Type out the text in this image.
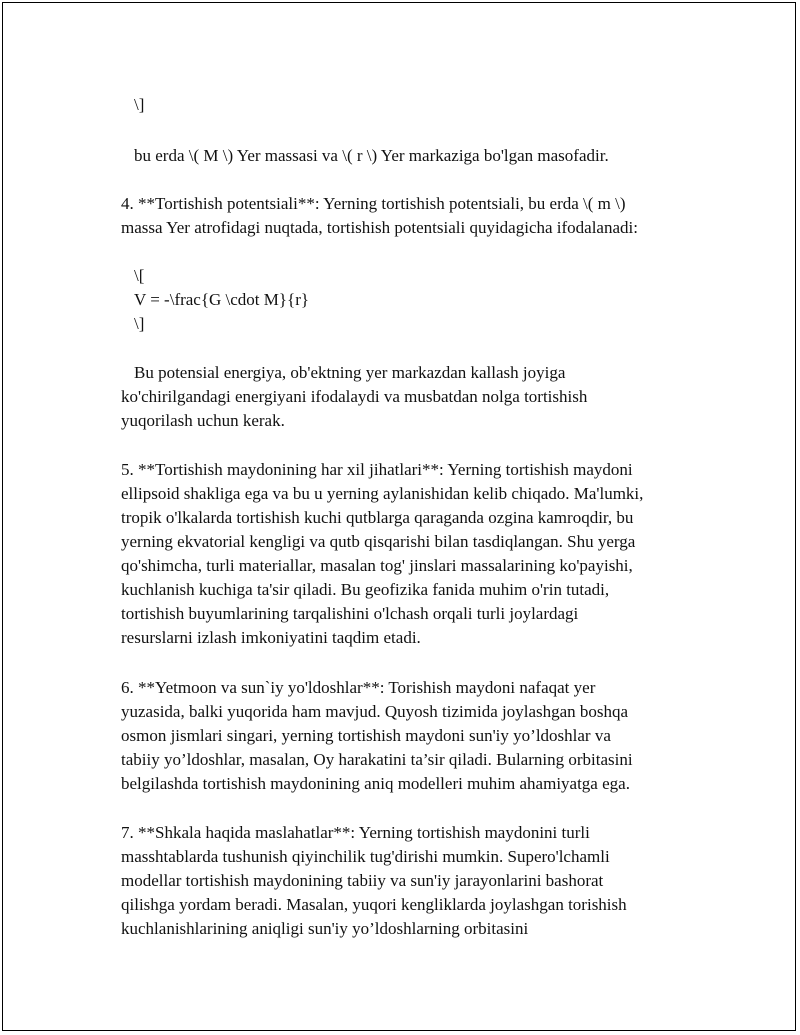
\]
bu erda \( M \) Yer massasi va \( r \) Yer markaziga bo'lgan masofadir.
4. **Tortishish potentsiali**: Yerning tortishish potentsiali, bu erda \( m \)
massa Yer atrofidagi nuqtada, tortishish potentsiali quyidagicha ifodalanadi:
\[
V = -\frac{G \cdot M}{r}
\]
Bu potensial energiya, ob'ektning yer markazdan kallash joyiga
ko'chirilgandagi energiyani ifodalaydi va musbatdan nolga tortishish
yuqorilash uchun kerak.
5. **Tortishish maydonining har xil jihatlari**: Yerning tortishish maydoni
ellipsoid shakliga ega va bu u yerning aylanishidan kelib chiqado. Ma'lumki,
tropik o'lkalarda tortishish kuchi qutblarga qaraganda ozgina kamroqdir, bu
yerning ekvatorial kengligi va qutb qisqarishi bilan tasdiqlangan. Shu yerga
qo'shimcha, turli materiallar, masalan tog' jinslari massalarining ko'payishi,
kuchlanish kuchiga ta'sir qiladi. Bu geofizika fanida muhim o'rin tutadi,
tortishish buyumlarining tarqalishini o'lchash orqali turli joylardagi
resurslarni izlash imkoniyatini taqdim etadi.
6. **Yetmoon va sun`iy yo'ldoshlar**: Torishish maydoni nafaqat yer
yuzasida, balki yuqorida ham mavjud. Quyosh tizimida joylashgan boshqa
osmon jismlari singari, yerning tortishish maydoni sun'iy yo’ldoshlar va
tabiiy yo’ldoshlar, masalan, Oy harakatini ta’sir qiladi. Bularning orbitasini
belgilashda tortishish maydonining aniq modelleri muhim ahamiyatga ega.
7. **Shkala haqida maslahatlar**: Yerning tortishish maydonini turli
masshtablarda tushunish qiyinchilik tug'dirishi mumkin. Supero'lchamli
modellar tortishish maydonining tabiiy va sun'iy jarayonlarini bashorat
qilishga yordam beradi. Masalan, yuqori kengliklarda joylashgan torishish
kuchlanishlarining aniqligi sun'iy yo’ldoshlarning orbitasini
